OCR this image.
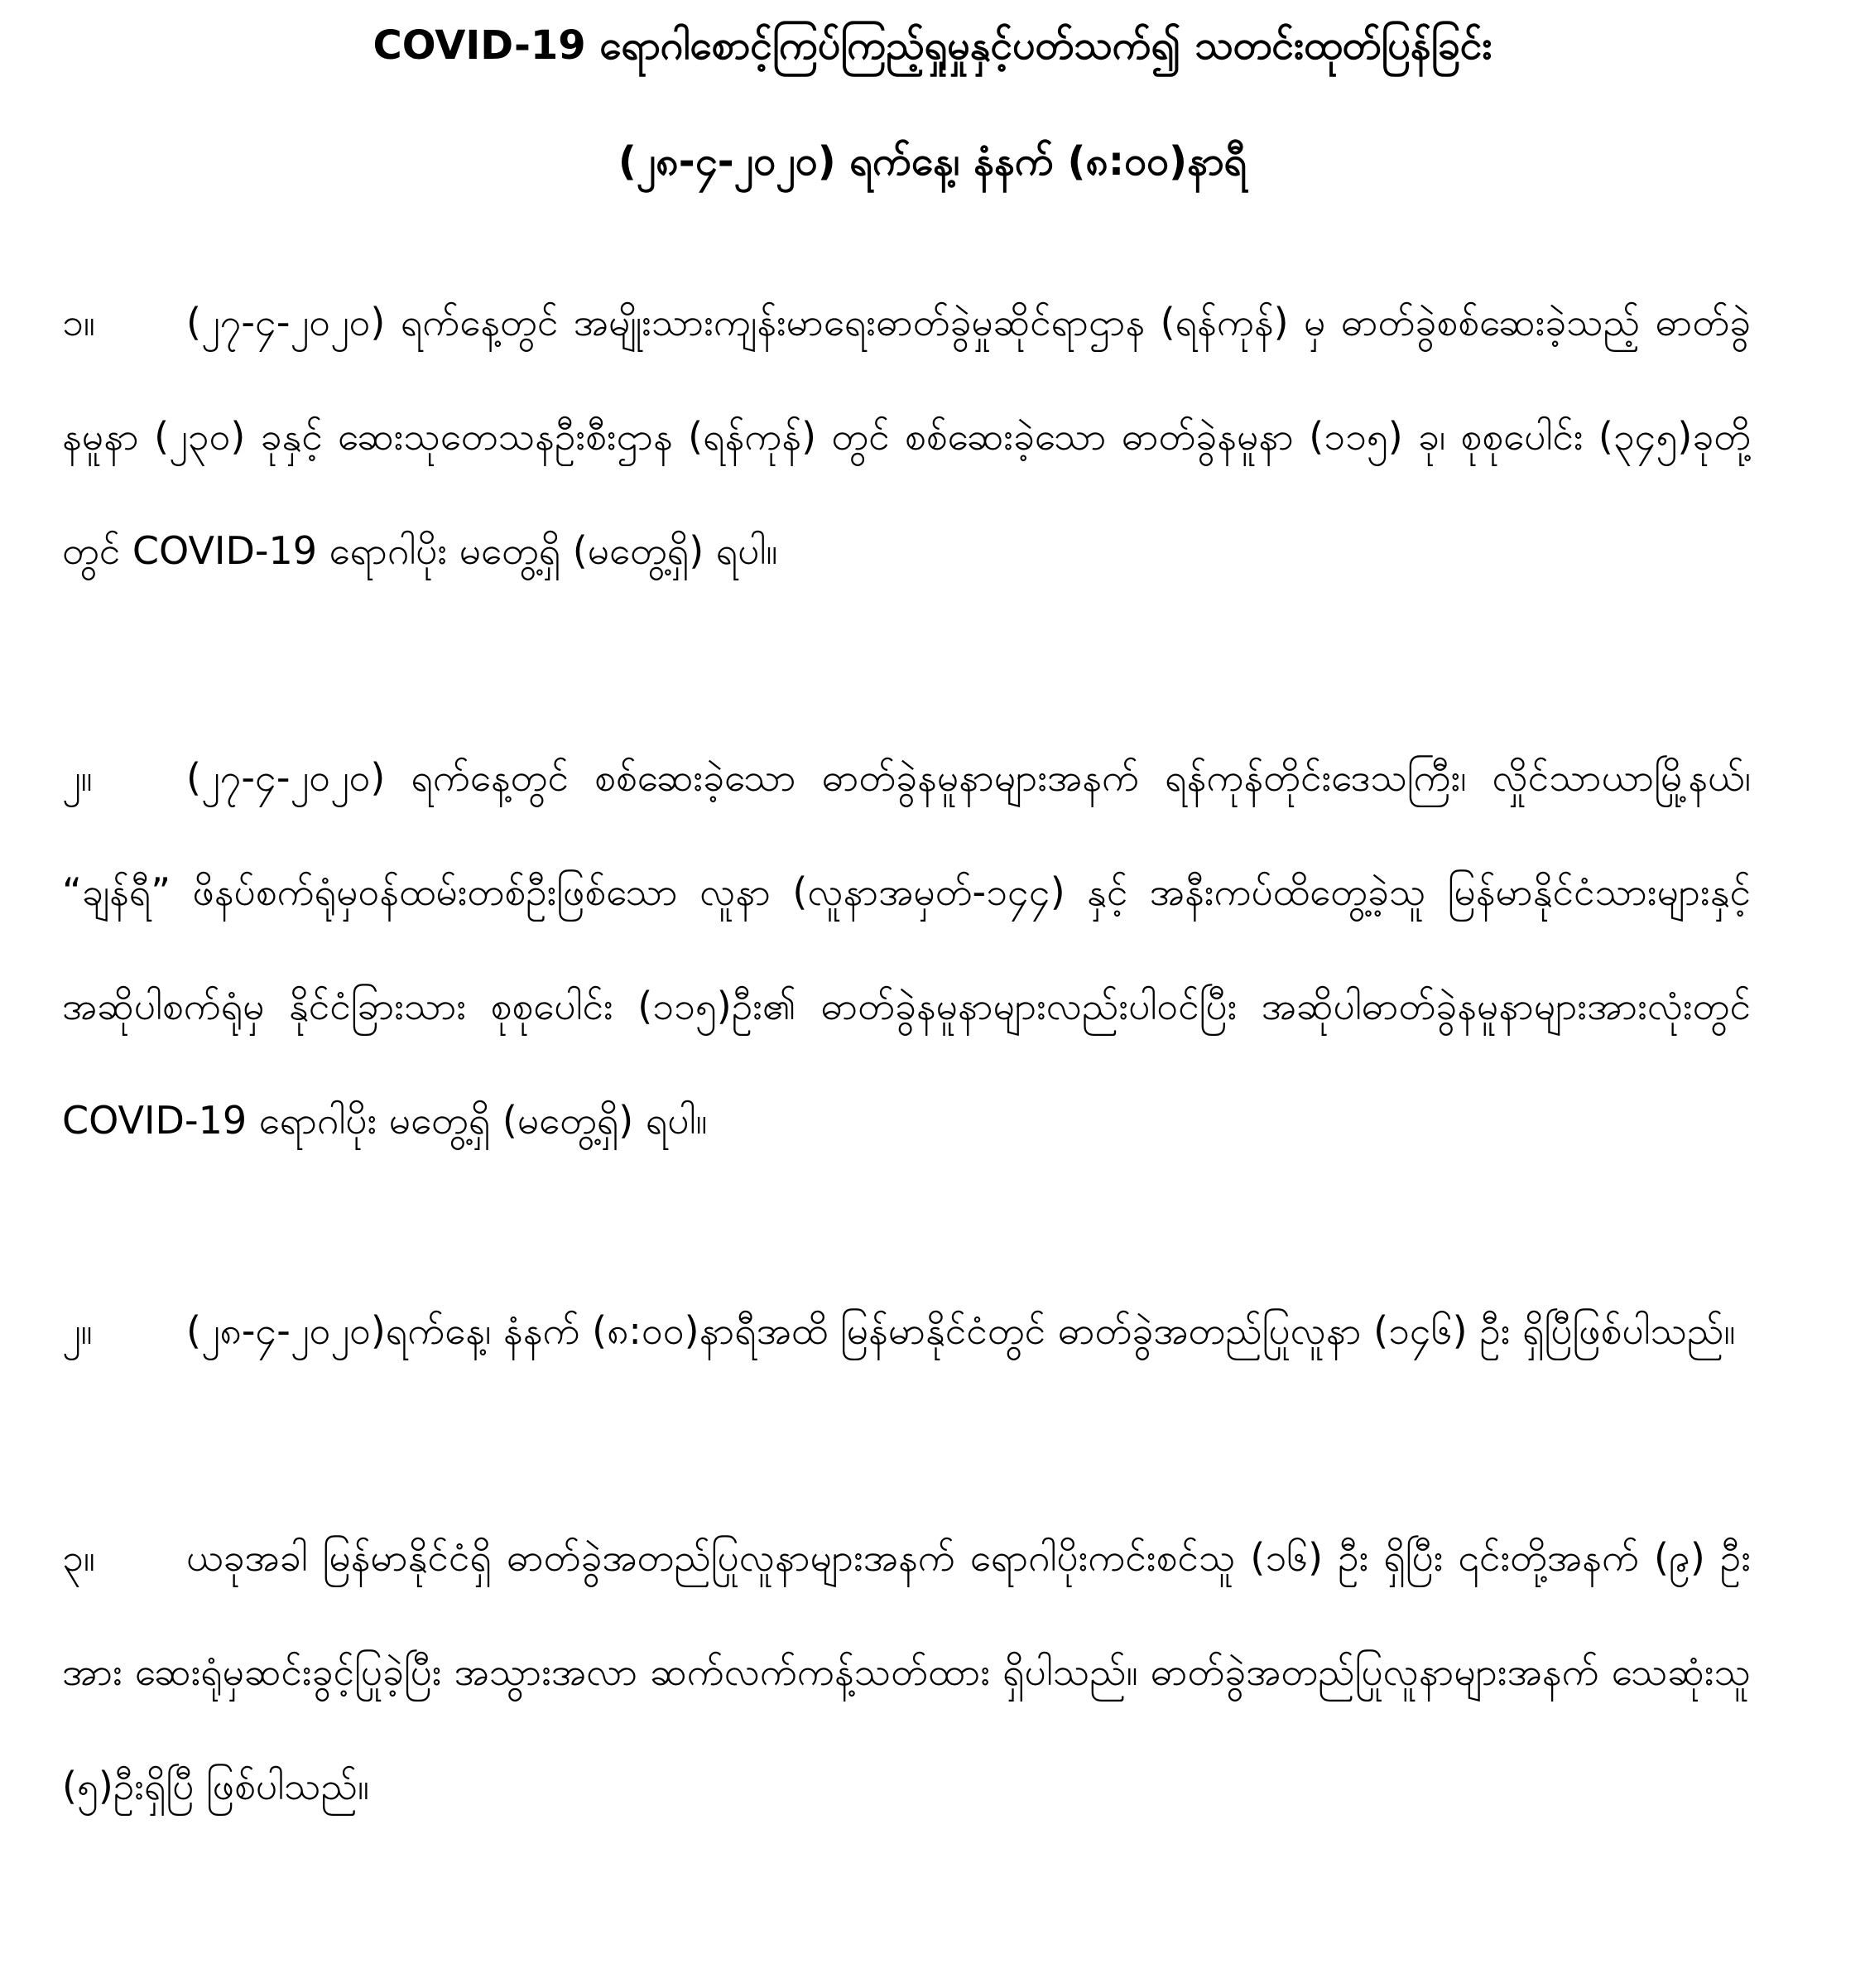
COVID-19 ရောဂါစောင့်ကြပ်ကြည့်ရှုမှုနှင့်ပတ်သက်၍ သတင်းထုတ်ပြန်ခြင်း
(၂၈-၄-၂၀၂၀) ရက်နေ့၊ နံနက် (၈:၀၀)နာရီ

၁။ (၂၇-၄-၂၀၂၀) ရက်နေ့တွင် အမျိုးသားကျန်းမာရေးဓာတ်ခွဲမှုဆိုင်ရာဌာန (ရန်ကုန်) မှ ဓာတ်ခွဲစစ်ဆေးခဲ့သည့် ဓာတ်ခွဲနမူနာ (၂၃၀) ခုနှင့် ဆေးသုတေသနဦးစီးဌာန (ရန်ကုန်) တွင် စစ်ဆေးခဲ့သော ဓာတ်ခွဲနမူနာ (၁၁၅) ခု၊ စုစုပေါင်း (၃၄၅)ခုတို့တွင် COVID-19 ရောဂါပိုး မတွေ့ရှိ (မတွေ့ရှိ) ရပါ။

၂။ (၂၇-၄-၂၀၂၀) ရက်နေ့တွင် စစ်ဆေးခဲ့သော ဓာတ်ခွဲနမူနာများအနက် ရန်ကုန်တိုင်းဒေသကြီး၊ လှိုင်သာယာမြို့နယ်၊ “ချန်ရီ” ဖိနပ်စက်ရုံမှဝန်ထမ်းတစ်ဦးဖြစ်သော လူနာ (လူနာအမှတ်-၁၄၄) နှင့် အနီးကပ်ထိတွေ့ခဲ့သူ မြန်မာနိုင်ငံသားများနှင့် အဆိုပါစက်ရုံမှ နိုင်ငံခြားသား စုစုပေါင်း (၁၁၅)ဦး၏ ဓာတ်ခွဲနမူနာများလည်းပါဝင်ပြီး အဆိုပါဓာတ်ခွဲနမူနာများအားလုံးတွင် COVID-19 ရောဂါပိုး မတွေ့ရှိ (မတွေ့ရှိ) ရပါ။

၂။ (၂၈-၄-၂၀၂၀)ရက်နေ့၊ နံနက် (၈:၀၀)နာရီအထိ မြန်မာနိုင်ငံတွင် ဓာတ်ခွဲအတည်ပြုလူနာ (၁၄၆) ဦး ရှိပြီဖြစ်ပါသည်။

၃။ ယခုအခါ မြန်မာနိုင်ငံရှိ ဓာတ်ခွဲအတည်ပြုလူနာများအနက် ရောဂါပိုးကင်းစင်သူ (၁၆) ဦး ရှိပြီး ၎င်းတို့အနက် (၉) ဦးအား ဆေးရုံမှဆင်းခွင့်ပြုခဲ့ပြီး အသွားအလာ ဆက်လက်ကန့်သတ်ထား ရှိပါသည်။ ဓာတ်ခွဲအတည်ပြုလူနာများအနက် သေဆုံးသူ (၅)ဦးရှိပြီ ဖြစ်ပါသည်။
